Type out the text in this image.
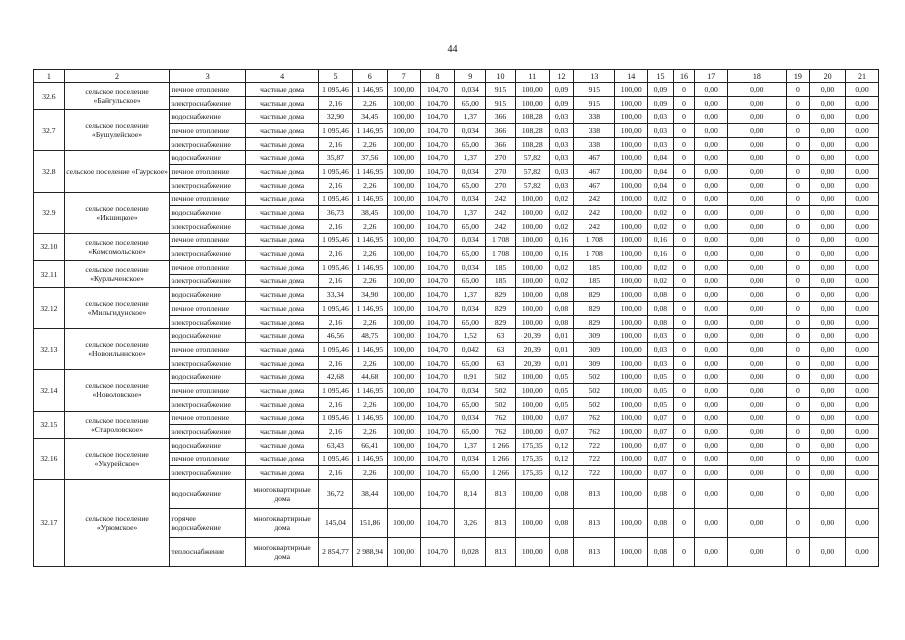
44
1	2	3	4	5	6	7	8	9	10	11	12	13	14	15	16	17	18	19	20	21
32.6	сельское поселение «Байгульское»	печное отопление	частные дома	1 095,46	1 146,95	100,00	104,70	0,034	915	100,00	0,09	915	100,00	0,09	0	0,00	0,00	0	0,00	0,00
		электроснабжение	частные дома	2,16	2,26	100,00	104,70	65,00	915	100,00	0,09	915	100,00	0,09	0	0,00	0,00	0	0,00	0,00
32.7	сельское поселение «Бушулейское»	водоснабжение	частные дома	32,90	34,45	100,00	104,70	1,37	366	108,28	0,03	338	100,00	0,03	0	0,00	0,00	0	0,00	0,00
		печное отопление	частные дома	1 095,46	1 146,95	100,00	104,70	0,034	366	108,28	0,03	338	100,00	0,03	0	0,00	0,00	0	0,00	0,00
		электроснабжение	частные дома	2,16	2,26	100,00	104,70	65,00	366	108,28	0,03	338	100,00	0,03	0	0,00	0,00	0	0,00	0,00
32.8	сельское поселение «Гаурское»	водоснабжение	частные дома	35,87	37,56	100,00	104,70	1,37	270	57,82	0,03	467	100,00	0,04	0	0,00	0,00	0	0,00	0,00
		печное отопление	частные дома	1 095,46	1 146,95	100,00	104,70	0,034	270	57,82	0,03	467	100,00	0,04	0	0,00	0,00	0	0,00	0,00
		электроснабжение	частные дома	2,16	2,26	100,00	104,70	65,00	270	57,82	0,03	467	100,00	0,04	0	0,00	0,00	0	0,00	0,00
32.9	сельское поселение «Икшицкое»	печное отопление	частные дома	1 095,46	1 146,95	100,00	104,70	0,034	242	100,00	0,02	242	100,00	0,02	0	0,00	0,00	0	0,00	0,00
		водоснабжение	частные дома	36,73	38,45	100,00	104,70	1,37	242	100,00	0,02	242	100,00	0,02	0	0,00	0,00	0	0,00	0,00
		электроснабжение	частные дома	2,16	2,26	100,00	104,70	65,00	242	100,00	0,02	242	100,00	0,02	0	0,00	0,00	0	0,00	0,00
32.10	сельское поселение «Комсомольское»	печное отопление	частные дома	1 095,46	1 146,95	100,00	104,70	0,034	1 708	100,00	0,16	1 708	100,00	0,16	0	0,00	0,00	0	0,00	0,00
		электроснабжение	частные дома	2,16	2,26	100,00	104,70	65,00	1 708	100,00	0,16	1 708	100,00	0,16	0	0,00	0,00	0	0,00	0,00
32.11	сельское поселение «Курлыченское»	печное отопление	частные дома	1 095,46	1 146,95	100,00	104,70	0,034	185	100,00	0,02	185	100,00	0,02	0	0,00	0,00	0	0,00	0,00
		электроснабжение	частные дома	2,16	2,26	100,00	104,70	65,00	185	100,00	0,02	185	100,00	0,02	0	0,00	0,00	0	0,00	0,00
32.12	сельское поселение «Мильгидунское»	водоснабжение	частные дома	33,34	34,90	100,00	104,70	1,37	829	100,00	0,08	829	100,00	0,08	0	0,00	0,00	0	0,00	0,00
		печное отопление	частные дома	1 095,46	1 146,95	100,00	104,70	0,034	829	100,00	0,08	829	100,00	0,08	0	0,00	0,00	0	0,00	0,00
		электроснабжение	частные дома	2,16	2,26	100,00	104,70	65,00	829	100,00	0,08	829	100,00	0,08	0	0,00	0,00	0	0,00	0,00
32.13	сельское поселение «Новоильинское»	водоснабжение	частные дома	46,56	48,75	100,00	104,70	1,52	63	20,39	0,01	309	100,00	0,03	0	0,00	0,00	0	0,00	0,00
		печное отопление	частные дома	1 095,46	1 146,95	100,00	104,70	0,042	63	20,39	0,01	309	100,00	0,03	0	0,00	0,00	0	0,00	0,00
		электроснабжение	частные дома	2,16	2,26	100,00	104,70	65,00	63	20,39	0,01	309	100,00	0,03	0	0,00	0,00	0	0,00	0,00
32.14	сельское поселение «Новоловское»	водоснабжение	частные дома	42,68	44,68	100,00	104,70	0,91	502	100,00	0,05	502	100,00	0,05	0	0,00	0,00	0	0,00	0,00
		печное отопление	частные дома	1 095,46	1 146,95	100,00	104,70	0,034	502	100,00	0,05	502	100,00	0,05	0	0,00	0,00	0	0,00	0,00
		электроснабжение	частные дома	2,16	2,26	100,00	104,70	65,00	502	100,00	0,05	502	100,00	0,05	0	0,00	0,00	0	0,00	0,00
32.15	сельское поселение «Староловское»	печное отопление	частные дома	1 095,46	1 146,95	100,00	104,70	0,034	762	100,00	0,07	762	100,00	0,07	0	0,00	0,00	0	0,00	0,00
		электроснабжение	частные дома	2,16	2,26	100,00	104,70	65,00	762	100,00	0,07	762	100,00	0,07	0	0,00	0,00	0	0,00	0,00
32.16	сельское поселение «Укурейское»	водоснабжение	частные дома	63,43	66,41	100,00	104,70	1,37	1 266	175,35	0,12	722	100,00	0,07	0	0,00	0,00	0	0,00	0,00
		печное отопление	частные дома	1 095,46	1 146,95	100,00	104,70	0,034	1 266	175,35	0,12	722	100,00	0,07	0	0,00	0,00	0	0,00	0,00
		электроснабжение	частные дома	2,16	2,26	100,00	104,70	65,00	1 266	175,35	0,12	722	100,00	0,07	0	0,00	0,00	0	0,00	0,00
32.17	сельское поселение «Урюмское»	водоснабжение	многоквартирные дома	36,72	38,44	100,00	104,70	8,14	813	100,00	0,08	813	100,00	0,08	0	0,00	0,00	0	0,00	0,00
		горячее водоснабжение	многоквартирные дома	145,04	151,86	100,00	104,70	3,26	813	100,00	0,08	813	100,00	0,08	0	0,00	0,00	0	0,00	0,00
		теплоснабжение	многоквартирные дома	2 854,77	2 988,94	100,00	104,70	0,028	813	100,00	0,08	813	100,00	0,08	0	0,00	0,00	0	0,00	0,00
